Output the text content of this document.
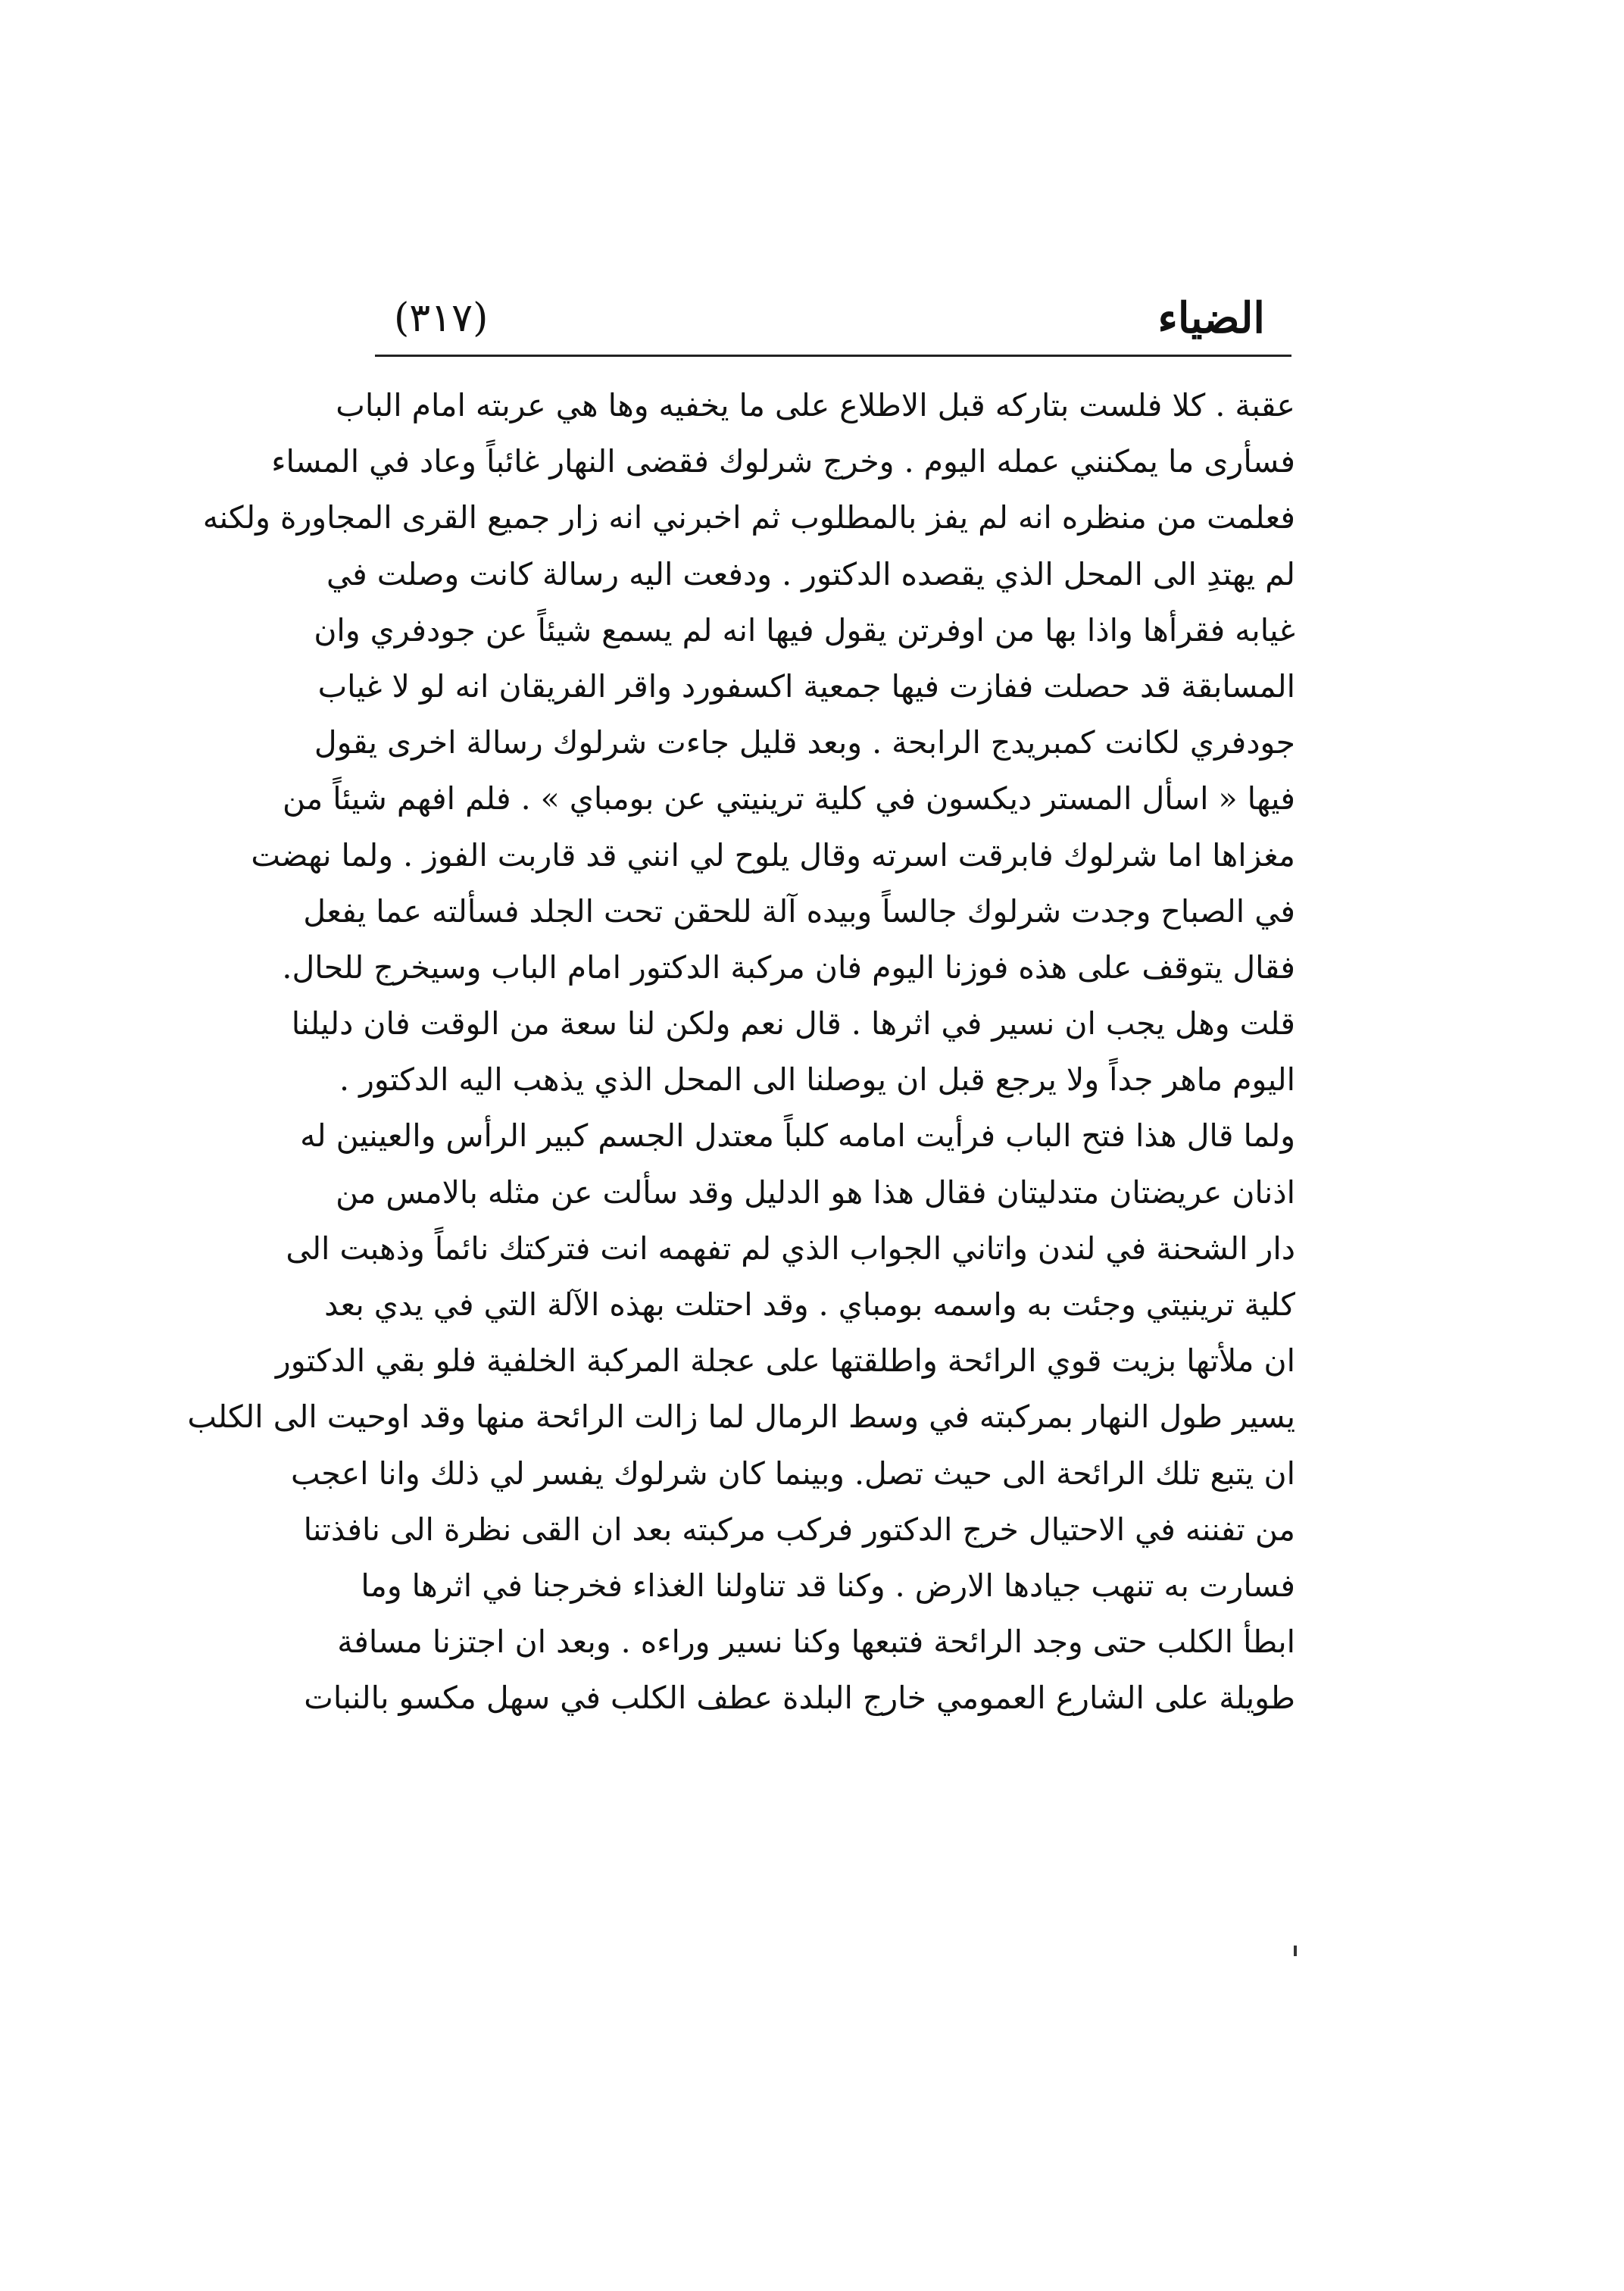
الضياء
(٣١٧)
عقبة . كلا فلست بتاركه قبل الاطلاع على ما يخفيه وها هي عربته امام الباب
فسأرى ما يمكنني عمله اليوم . وخرج شرلوك فقضى النهار غائباً وعاد في المساء
فعلمت من منظره انه لم يفز بالمطلوب ثم اخبرني انه زار جميع القرى المجاورة ولكنه
لم يهتدِ الى المحل الذي يقصده الدكتور . ودفعت اليه رسالة كانت وصلت في
غيابه فقرأها واذا بها من اوفرتن يقول فيها انه لم يسمع شيئاً عن جودفري وان
المسابقة قد حصلت ففازت فيها جمعية اكسفورد واقر الفريقان انه لو لا غياب
جودفري لكانت كمبريدج الرابحة . وبعد قليل جاءت شرلوك رسالة اخرى يقول
فيها « اسأل المستر ديكسون في كلية ترينيتي عن بومباي » . فلم افهم شيئاً من
مغزاها اما شرلوك فابرقت اسرته وقال يلوح لي انني قد قاربت الفوز . ولما نهضت
في الصباح وجدت شرلوك جالساً وبيده آلة للحقن تحت الجلد فسألته عما يفعل
فقال يتوقف على هذه فوزنا اليوم فان مركبة الدكتور امام الباب وسيخرج للحال.
قلت وهل يجب ان نسير في اثرها . قال نعم ولكن لنا سعة من الوقت فان دليلنا
اليوم ماهر جداً ولا يرجع قبل ان يوصلنا الى المحل الذي يذهب اليه الدكتور .
ولما قال هذا فتح الباب فرأيت امامه كلباً معتدل الجسم كبير الرأس والعينين له
اذنان عريضتان متدليتان فقال هذا هو الدليل وقد سألت عن مثله بالامس من
دار الشحنة في لندن واتاني الجواب الذي لم تفهمه انت فتركتك نائماً وذهبت الى
كلية ترينيتي وجئت به واسمه بومباي . وقد احتلت بهذه الآلة التي في يدي بعد
ان ملأتها بزيت قوي الرائحة واطلقتها على عجلة المركبة الخلفية فلو بقي الدكتور
يسير طول النهار بمركبته في وسط الرمال لما زالت الرائحة منها وقد اوحيت الى الكلب
ان يتبع تلك الرائحة الى حيث تصل. وبينما كان شرلوك يفسر لي ذلك وانا اعجب
من تفننه في الاحتيال خرج الدكتور فركب مركبته بعد ان القى نظرة الى نافذتنا
فسارت به تنهب جيادها الارض . وكنا قد تناولنا الغذاء فخرجنا في اثرها وما
ابطأ الكلب حتى وجد الرائحة فتبعها وكنا نسير وراءه . وبعد ان اجتزنا مسافة
طويلة على الشارع العمومي خارج البلدة عطف الكلب في سهل مكسو بالنبات
